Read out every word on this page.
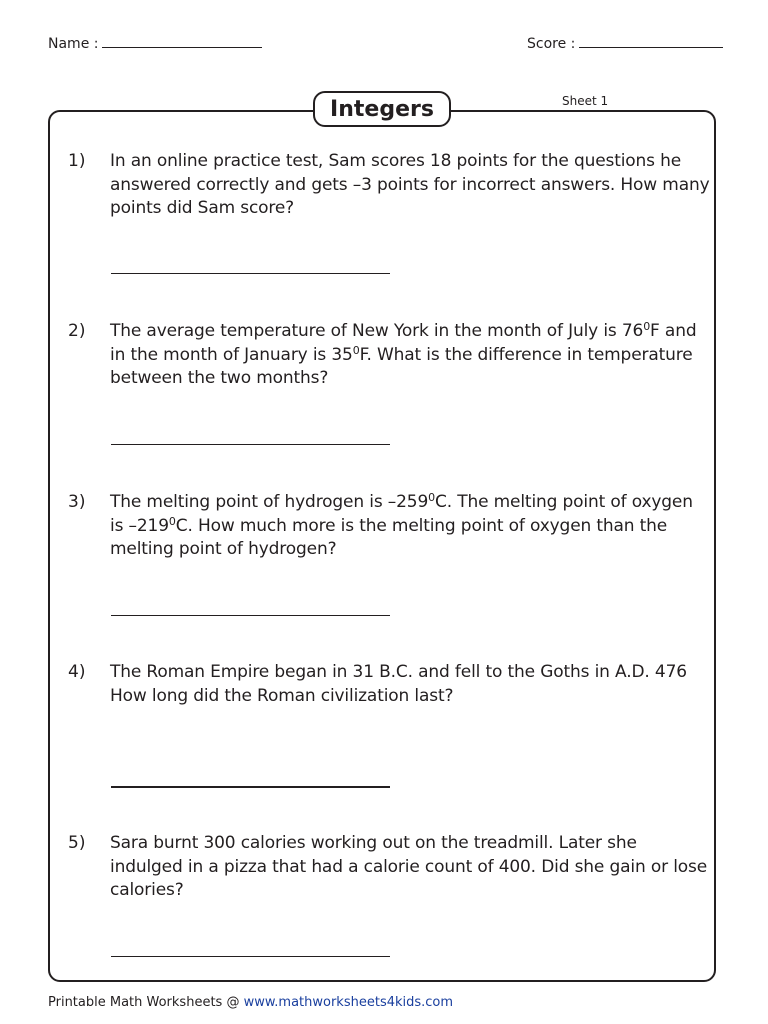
Name :	Score :
Integers	Sheet 1
1) In an online practice test, Sam scores 18 points for the questions he answered correctly and gets –3 points for incorrect answers. How many points did Sam score?
2) The average temperature of New York in the month of July is $76^0F$ and in the month of January is $35^0F$. What is the difference in temperature between the two months?
3) The melting point of hydrogen is $-259^0C$. The melting point of oxygen is $-219^0C$. How much more is the melting point of oxygen than the melting point of hydrogen?
4) The Roman Empire began in 31 B.C. and fell to the Goths in A.D. 476 How long did the Roman civilization last?
5) Sara burnt 300 calories working out on the treadmill. Later she indulged in a pizza that had a calorie count of 400. Did she gain or lose calories?
Printable Math Worksheets @ www.mathworksheets4kids.com
